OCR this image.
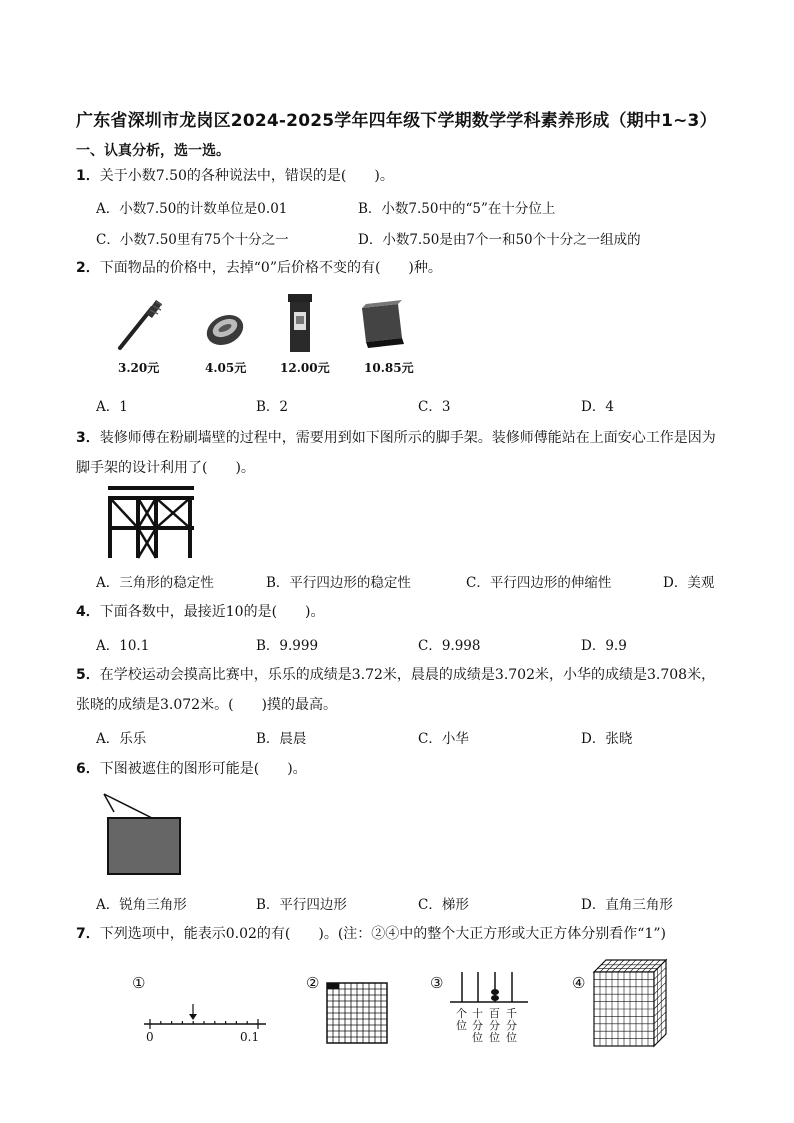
广东省深圳市龙岗区2024-2025学年四年级下学期数学学科素养形成（期中1~3）
一、认真分析，选一选。
1．关于小数7.50的各种说法中，错误的是(　　)。
A．小数7.50的计数单位是0.01	B．小数7.50中的“5”在十分位上
C．小数7.50里有75个十分之一	D．小数7.50是由7个一和50个十分之一组成的
2．下面物品的价格中，去掉“0”后价格不变的有(　　)种。
3.20元	4.05元	12.00元	10.85元
A．1	B．2	C．3	D．4
3．装修师傅在粉刷墙壁的过程中，需要用到如下图所示的脚手架。装修师傅能站在上面安心工作是因为
脚手架的设计利用了(　　)。
A．三角形的稳定性	B．平行四边形的稳定性	C．平行四边形的伸缩性	D．美观
4．下面各数中，最接近10的是(　　)。
A．10.1	B．9.999	C．9.998	D．9.9
5．在学校运动会摸高比赛中，乐乐的成绩是3.72米，晨晨的成绩是3.702米，小华的成绩是3.708米，
张晓的成绩是3.072米。(　　)摸的最高。
A．乐乐	B．晨晨	C．小华	D．张晓
6．下图被遮住的图形可能是(　　)。
A．锐角三角形	B．平行四边形	C．梯形	D．直角三角形
7．下列选项中，能表示0.02的有(　　)。(注：②④中的整个大正方形或大正方体分别看作“1”)
①
0	0.1
②	③
个位
十分位
百分位
千分位
④
